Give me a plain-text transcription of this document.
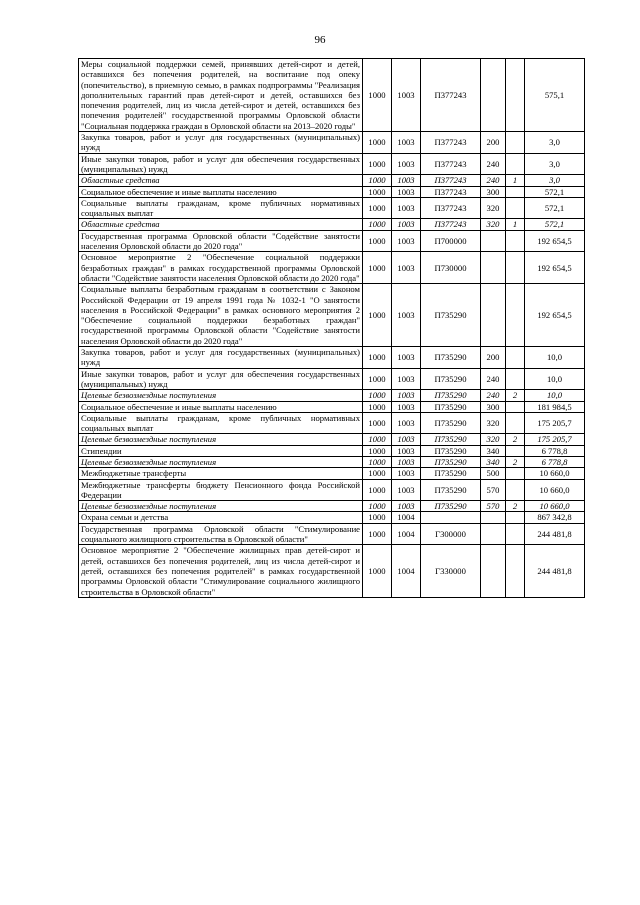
96
Меры социальной поддержки семей, принявших детей-сирот и детей, оставшихся без попечения родителей, на воспитание под опеку (попечительство), в приемную семью, в рамках подпрограммы "Реализация дополнительных гарантий прав детей-сирот и детей, оставшихся без попечения родителей, лиц из числа детей-сирот и детей, оставшихся без попечения родителей" государственной программы Орловской области "Социальная поддержка граждан в Орловской области на 2013–2020 годы"	1000	1003	П377243			575,1
Закупка товаров, работ и услуг для государственных (муниципальных) нужд	1000	1003	П377243	200		3,0
Иные закупки товаров, работ и услуг для обеспечения государственных (муниципальных) нужд	1000	1003	П377243	240		3,0
Областные средства	1000	1003	П377243	240	1	3,0
Социальное обеспечение и иные выплаты населению	1000	1003	П377243	300		572,1
Социальные выплаты гражданам, кроме публичных нормативных социальных выплат	1000	1003	П377243	320		572,1
Областные средства	1000	1003	П377243	320	1	572,1
Государственная программа Орловской области "Содействие занятости населения Орловской области до 2020 года"	1000	1003	П700000			192 654,5
Основное мероприятие 2 "Обеспечение социальной поддержки безработных граждан" в рамках государственной программы Орловской области "Содействие занятости населения Орловской области до 2020 года"	1000	1003	П730000			192 654,5
Социальные выплаты безработным гражданам в соответствии с Законом Российской Федерации от 19 апреля 1991 года № 1032-1 "О занятости населения в Российской Федерации" в рамках основного мероприятия 2 "Обеспечение социальной поддержки безработных граждан" государственной программы Орловской области "Содействие занятости населения Орловской области до 2020 года"	1000	1003	П735290			192 654,5
Закупка товаров, работ и услуг для государственных (муниципальных) нужд	1000	1003	П735290	200		10,0
Иные закупки товаров, работ и услуг для обеспечения государственных (муниципальных) нужд	1000	1003	П735290	240		10,0
Целевые безвозмездные поступления	1000	1003	П735290	240	2	10,0
Социальное обеспечение и иные выплаты населению	1000	1003	П735290	300		181 984,5
Социальные выплаты гражданам, кроме публичных нормативных социальных выплат	1000	1003	П735290	320		175 205,7
Целевые безвозмездные поступления	1000	1003	П735290	320	2	175 205,7
Стипендии	1000	1003	П735290	340		6 778,8
Целевые безвозмездные поступления	1000	1003	П735290	340	2	6 778,8
Межбюджетные трансферты	1000	1003	П735290	500		10 660,0
Межбюджетные трансферты бюджету Пенсионного фонда Российской Федерации	1000	1003	П735290	570		10 660,0
Целевые безвозмездные поступления	1000	1003	П735290	570	2	10 660,0
Охрана семьи и детства	1000	1004				867 342,8
Государственная программа Орловской области "Стимулирование социального жилищного строительства в Орловской области"	1000	1004	Г300000			244 481,8
Основное мероприятие 2 "Обеспечение жилищных прав детей-сирот и детей, оставшихся без попечения родителей, лиц из числа детей-сирот и детей, оставшихся без попечения родителей" в рамках государственной программы Орловской области "Стимулирование социального жилищного строительства в Орловской области"	1000	1004	Г330000			244 481,8
